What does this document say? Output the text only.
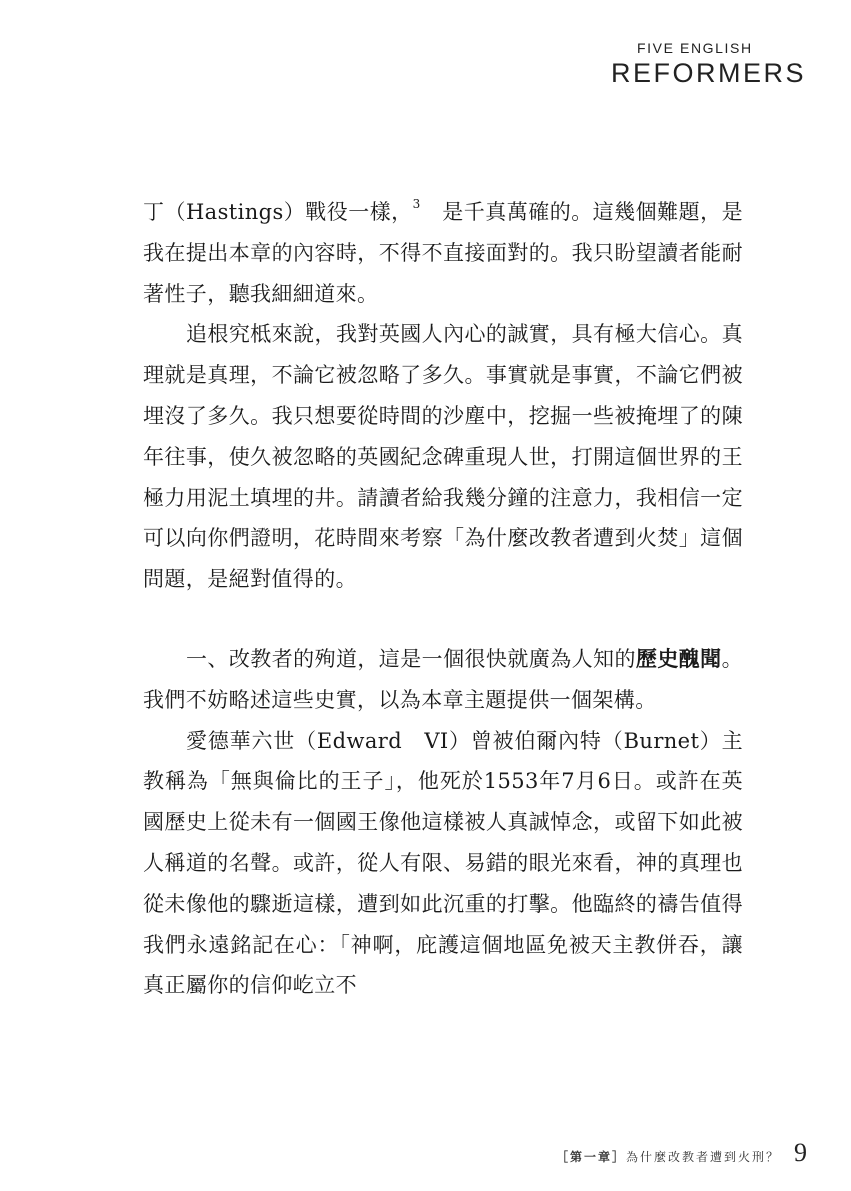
FIVE ENGLISH
REFORMERS

丁（Hastings）戰役一樣，$^3$　是千真萬確的。這幾個難題，是我在提出本章的內容時，不得不直接面對的。我只盼望讀者能耐著性子，聽我細細道來。

追根究柢來說，我對英國人內心的誠實，具有極大信心。真理就是真理，不論它被忽略了多久。事實就是事實，不論它們被埋沒了多久。我只想要從時間的沙塵中，挖掘一些被掩埋了的陳年往事，使久被忽略的英國紀念碑重現人世，打開這個世界的王極力用泥土填埋的井。請讀者給我幾分鐘的注意力，我相信一定可以向你們證明，花時間來考察「為什麼改教者遭到火焚」這個問題，是絕對值得的。

一、改教者的殉道，這是一個很快就廣為人知的歷史醜聞。我們不妨略述這些史實，以為本章主題提供一個架構。

愛德華六世（Edward　VI）曾被伯爾內特（Burnet）主教稱為「無與倫比的王子」，他死於1553年7月6日。或許在英國歷史上從未有一個國王像他這樣被人真誠悼念，或留下如此被人稱道的名聲。或許，從人有限、易錯的眼光來看，神的真理也從未像他的驟逝這樣，遭到如此沉重的打擊。他臨終的禱告值得我們永遠銘記在心：「神啊，庇護這個地區免被天主教併吞，讓真正屬你的信仰屹立不

［第一章］為什麼改教者遭到火刑？ 9
